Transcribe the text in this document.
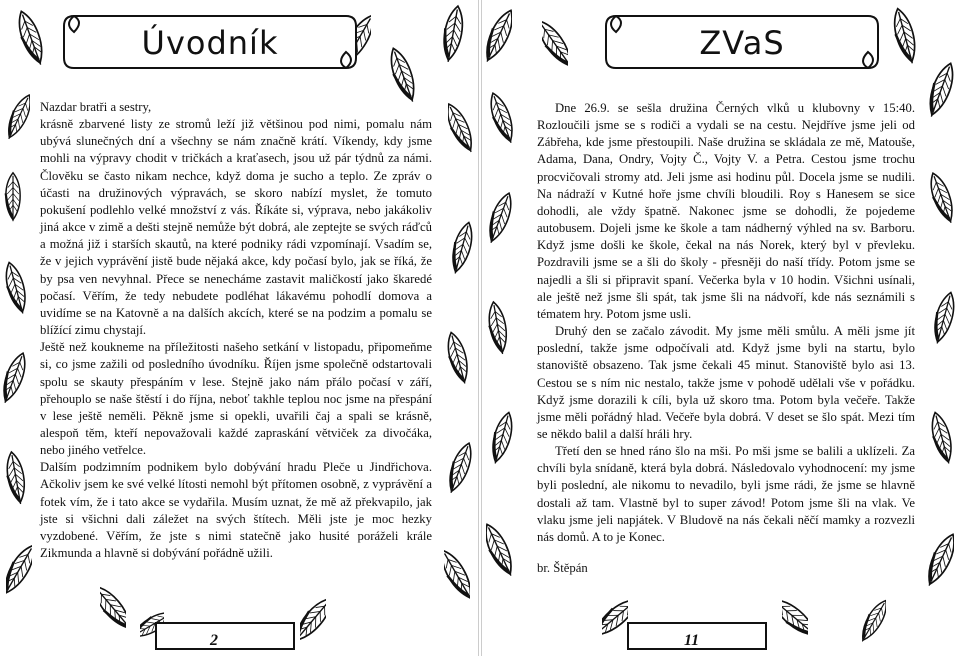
Úvodník

Nazdar bratři a sestry,

krásně zbarvené listy ze stromů leží již většinou pod nimi, pomalu nám ubývá slunečných dní a všechny se nám značně krátí. Víkendy, kdy jsme mohli na výpravy chodit v tričkách a kraťasech, jsou už pár týdnů za námi. Člověku se často nikam nechce, když doma je sucho a teplo. Ze zpráv o účasti na družinových výpravách, se skoro nabízí myslet, že tomuto pokušení podlehlo velké množství z vás. Říkáte si, výprava, nebo jakákoliv jiná akce v zimě a dešti stejně nemůže být dobrá, ale zeptejte se svých ráďců a možná již i starších skautů, na které podniky rádi vzpomínají. Vsadím se, že v jejich vyprávění jistě bude nějaká akce, kdy počasí bylo, jak se říká, že by psa ven nevyhnal. Přece se nenecháme zastavit maličkostí jako škaredé počasí. Věřím, že tedy nebudete podléhat lákavému pohodlí domova a uvidíme se na Katovně a na dalších akcích, které se na podzim a pomalu se blížící zimu chystají.

Ještě než koukneme na příležitosti našeho setkání v listopadu, připomeňme si, co jsme zažili od posledního úvodníku. Říjen jsme společně odstartovali spolu se skauty přespáním v lese. Stejně jako nám přálo počasí v září, přehouplo se naše štěstí i do října, neboť takhle teplou noc jsme na přespání v lese ještě neměli. Pěkně jsme si opekli, uvařili čaj a spali se krásně, alespoň těm, kteří nepovažovali každé zapraskání větviček za divočáka, nebo jiného vetřelce.

Dalším podzimním podnikem bylo dobývání hradu Plečе u Jindřichova. Ačkoliv jsem ke své velké lítosti nemohl být přítomen osobně, z vyprávění a fotek vím, že i tato akce se vydařila. Musím uznat, že mě až překvapilo, jak jste si všichni dali záležet na svých štítech. Měli jste je moc hezky vyzdobené. Věřím, že jste s nimi statečně jako husité poráželi krále Zikmunda a hlavně si dobývání pořádně užili.

2
ZVaS

Dne 26.9. se sešla družina Černých vlků u klubovny v 15:40. Rozloučili jsme se s rodiči a vydali se na cestu. Nejdříve jsme jeli od Zábřeha, kde jsme přestoupili. Naše družina se skládala ze mě, Matouše, Adama, Dana, Ondry, Vojty Č., Vojty V. a Petra. Cestou jsme trochu procvičovali stromy atd. Jeli jsme asi hodinu půl. Docela jsme se nudili. Na nádraží v Kutné hoře jsme chvíli bloudili. Roy s Hanesem se sice dohodli, ale vždy špatně. Nakonec jsme se dohodli, že pojedeme autobusem. Dojeli jsme ke škole a tam nádherný výhled na sv. Barboru. Když jsme došli ke škole, čekal na nás Norek, který byl v převleku. Pozdravili jsme se a šli do školy - přesněji do naší třídy. Potom jsme se najedli a šli si připravit spaní. Večerka byla v 10 hodin. Všichni usínali, ale ještě než jsme šli spát, tak jsme šli na nádvoří, kde nás seznámili s tématem hry. Potom jsme usli.

Druhý den se začalo závodit. My jsme měli smůlu. A měli jsme jít poslední, takže jsme odpočívali atd. Když jsme byli na startu, bylo stanoviště obsazeno. Tak jsme čekali 45 minut. Stanoviště bylo asi 13. Cestou se s ním nic nestalo, takže jsme v pohodě udělali vše v pořádku. Když jsme dorazili k cíli, byla už skoro tma. Potom byla večeře. Takže jsme měli pořádný hlad. Večeře byla dobrá. V deset se šlo spát. Mezi tím se někdo balil a další hráli hry.

Třetí den se hned ráno šlo na mši. Po mši jsme se balili a uklízeli. Za chvíli byla snídaně, která byla dobrá. Následovalo vyhodnocení: my jsme byli poslední, ale nikomu to nevadilo, byli jsme rádi, že jsme se hlavně dostali až tam. Vlastně byl to super závod! Potom jsme šli na vlak. Ve vlaku jsme jeli napjátek. V Bludově na nás čekali něčí mamky a rozvezli nás domů. A to je Konec.

br. Štěpán

11
